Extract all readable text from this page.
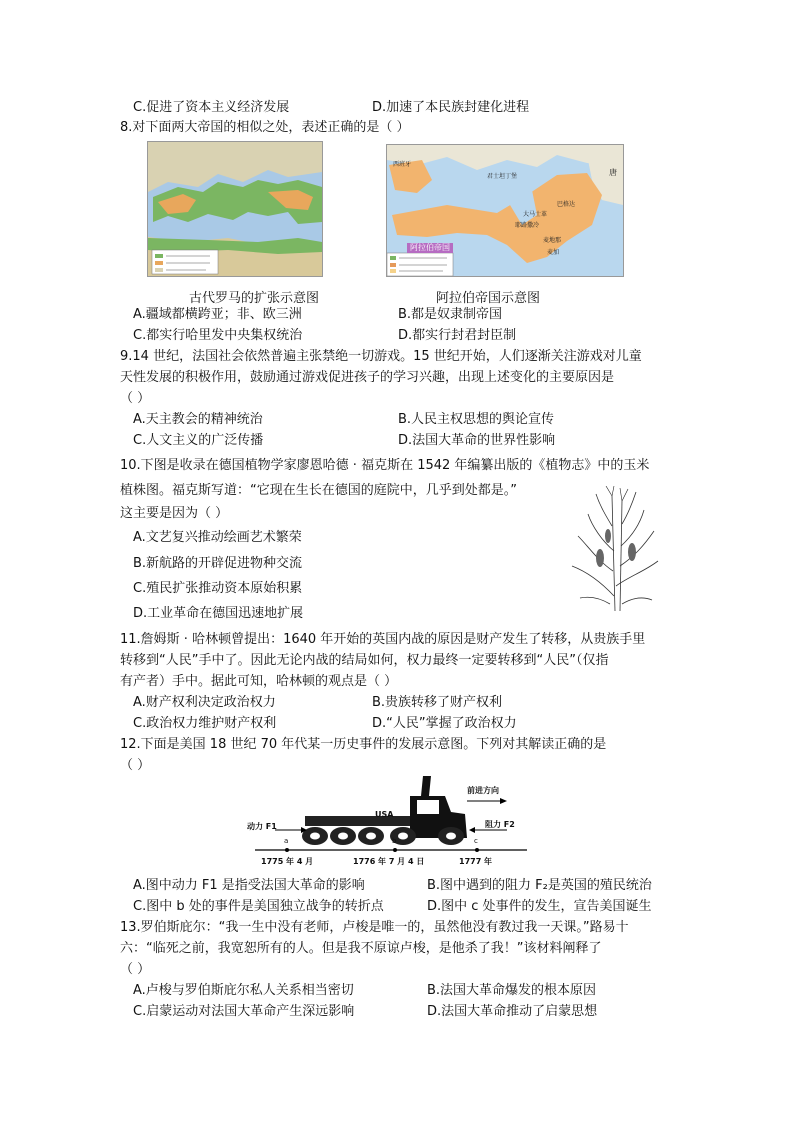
C.促进了资本主义经济发展	D.加速了本民族封建化进程
8.对下面两大帝国的相似之处，表述正确的是（ ）
古代罗马的扩张示意图
西班牙
君士坦丁堡
巴格达
大马士革
耶路撒冷
麦加
麦地那
唐
阿拉伯帝国
阿拉伯帝国示意图
A.疆域都横跨亚；非、欧三洲	B.都是奴隶制帝国
C.都实行哈里发中央集权统治	D.都实行封君封臣制
9.14 世纪，法国社会依然普遍主张禁绝一切游戏。15 世纪开始，人们逐渐关注游戏对儿童
天性发展的积极作用，鼓励通过游戏促进孩子的学习兴趣，出现上述变化的主要原因是
（ ）
A.天主教会的精神统治	B.人民主权思想的舆论宣传
C.人文主义的广泛传播	D.法国大革命的世界性影响
10.下图是收录在德国植物学家廖恩哈德 · 福克斯在 1542 年编纂出版的《植物志》中的玉米
植株图。福克斯写道：“它现在生长在德国的庭院中，几乎到处都是。”
这主要是因为（ ）
A.文艺复兴推动绘画艺术繁荣
B.新航路的开辟促进物种交流
C.殖民扩张推动资本原始积累
D.工业革命在德国迅速地扩展
11.詹姆斯 · 哈林顿曾提出：1640 年开始的英国内战的原因是财产发生了转移，从贵族手里
转移到“人民”手中了。因此无论内战的结局如何，权力最终一定要转移到“人民”（仅指
有产者）手中。据此可知，哈林顿的观点是（ ）
A.财产权利决定政治权力	B.贵族转移了财产权利
C.政治权力维护财产权利	D.“人民”掌握了政治权力
12.下面是美国 18 世纪 70 年代某一历史事件的发展示意图。下列对其解读正确的是
（ ）
前进方向
动力 F1	阻力 F2
USA
a	b	c
1775 年 4 月	1776 年 7 月 4 日	1777 年
A.图中动力 F1 是指受法国大革命的影响	B.图中遇到的阻力 F₂是英国的殖民统治
C.图中 b 处的事件是美国独立战争的转折点	D.图中 c 处事件的发生，宣告美国诞生
13.罗伯斯庇尔：“我一生中没有老师，卢梭是唯一的，虽然他没有教过我一天课。”路易十
六：“临死之前，我宽恕所有的人。但是我不原谅卢梭，是他杀了我！”该材料阐释了
（ ）
A.卢梭与罗伯斯庇尔私人关系相当密切	B.法国大革命爆发的根本原因
C.启蒙运动对法国大革命产生深远影响	D.法国大革命推动了启蒙思想
